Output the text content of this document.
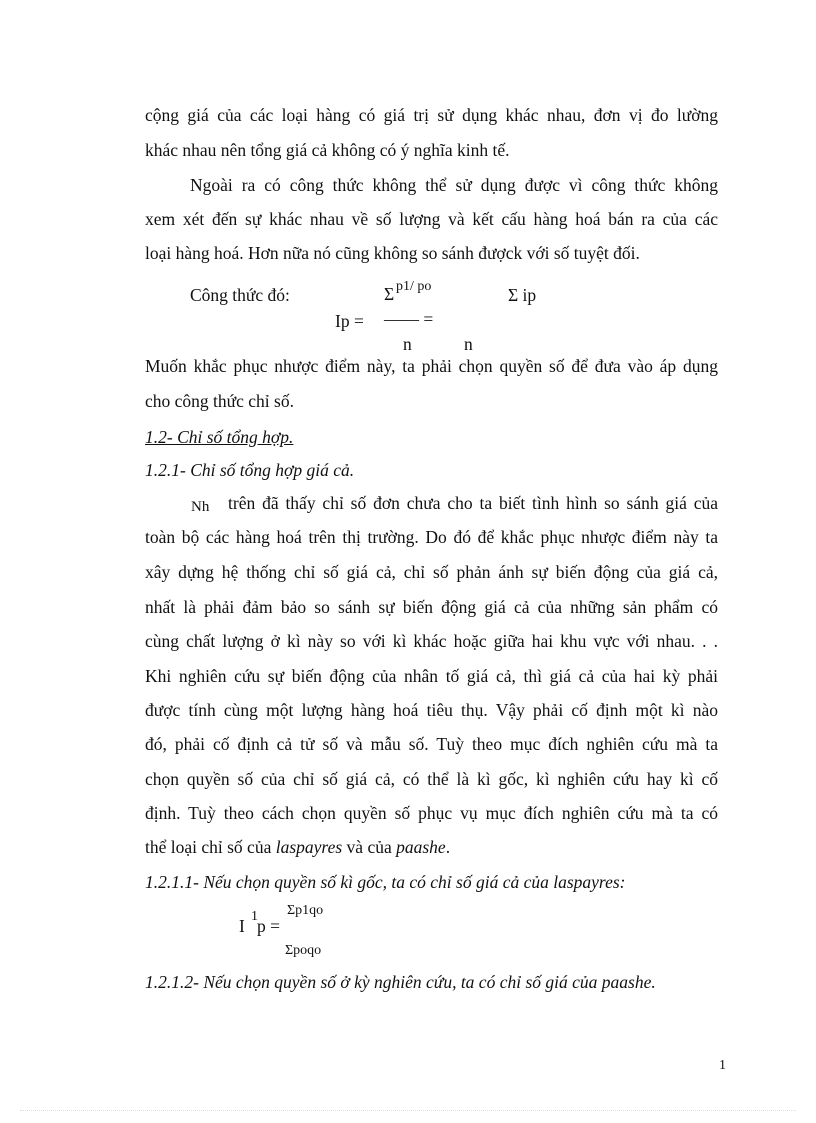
cộng giá của các loại hàng có giá trị sử dụng khác nhau, đơn vị đo lường
khác nhau nên tổng giá cả không có ý nghĩa kinh tế.
Ngoài ra có công thức không thể sử dụng được vì công thức không
xem xét đến sự khác nhau về số lượng và kết cấu hàng hoá bán ra của các
loại hàng hoá. Hơn nữa nó cũng không so sánh đượck với số tuyệt đối.
Công thức đó:	Σ p1/ po
Ip = —— =
n
Σ ip
n
Muốn khắc phục nhược điểm này, ta phải chọn quyền số để đưa vào áp dụng
cho công thức chỉ số.
1.2- Chỉ số tổng hợp.
1.2.1- Chỉ số tổng hợp giá cả.
Nh trên đã thấy chỉ số đơn chưa cho ta biết tình hình so sánh giá của
toàn bộ các hàng hoá trên thị trường. Do đó để khắc phục nhược điểm này ta
xây dựng hệ thống chỉ số giá cả, chỉ số phản ánh sự biến động của giá cả,
nhất là phải đảm bảo so sánh sự biến động giá cả của những sản phẩm có
cùng chất lượng ở kì này so với kì khác hoặc giữa hai khu vực với nhau. . .
Khi nghiên cứu sự biến động của nhân tố giá cả, thì giá cả của hai kỳ phải
được tính cùng một lượng hàng hoá tiêu thụ. Vậy phải cố định một kì nào
đó, phải cố định cả tử số và mẫu số. Tuỳ theo mục đích nghiên cứu mà ta
chọn quyền số của chỉ số giá cả, có thể là kì gốc, kì nghiên cứu hay kì cố
định. Tuỳ theo cách chọn quyền số phục vụ mục đích nghiên cứu mà ta có
thể loại chỉ số của laspayres và của paashe.
1.2.1.1- Nếu chọn quyền số kì gốc, ta có chỉ số giá cả của laspayres:
I 1 p =
Σp1qo
Σpoqo
1.2.1.2- Nếu chọn quyền số ở kỳ nghiên cứu, ta có chỉ số giá của paashe.
1
